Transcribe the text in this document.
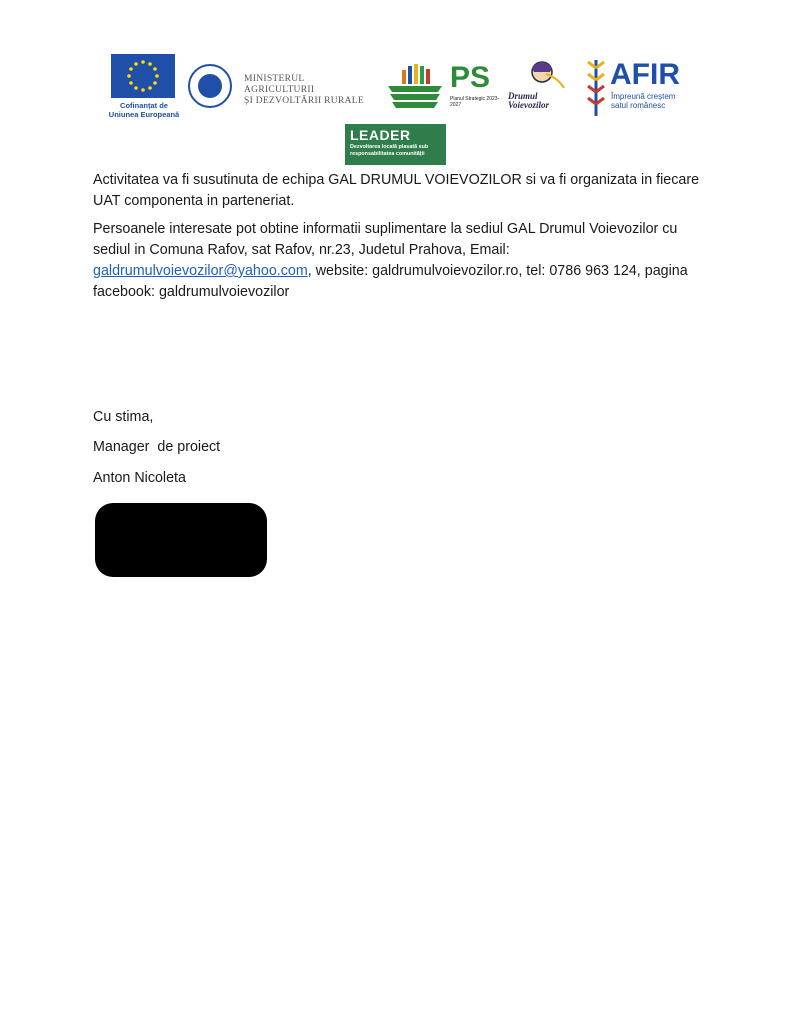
Cofinanțat de Uniunea Europeană
MINISTERUL AGRICULTURII
ȘI DEZVOLTĂRII RURALE
PS
Planul Strategic 2023-2027
Drumul
Voievozilor
AFIR
Împreună creștem
satul românesc
LEADER
Dezvoltarea locală plasată sub responsabilitatea comunității

Activitatea va fi susutinuta de echipa GAL DRUMUL VOIEVOZILOR si va fi organizata in fiecare UAT componenta in parteneriat.

Persoanele interesate pot obtine informatii suplimentare la sediul GAL Drumul Voievozilor cu sediul in Comuna Rafov, sat Rafov, nr.23, Judetul Prahova, Email: galdrumulvoievozilor@yahoo.com, website: galdrumulvoievozilor.ro, tel: 0786 963 124, pagina facebook: galdrumulvoievozilor

Cu stima,
Manager  de proiect
Anton Nicoleta
